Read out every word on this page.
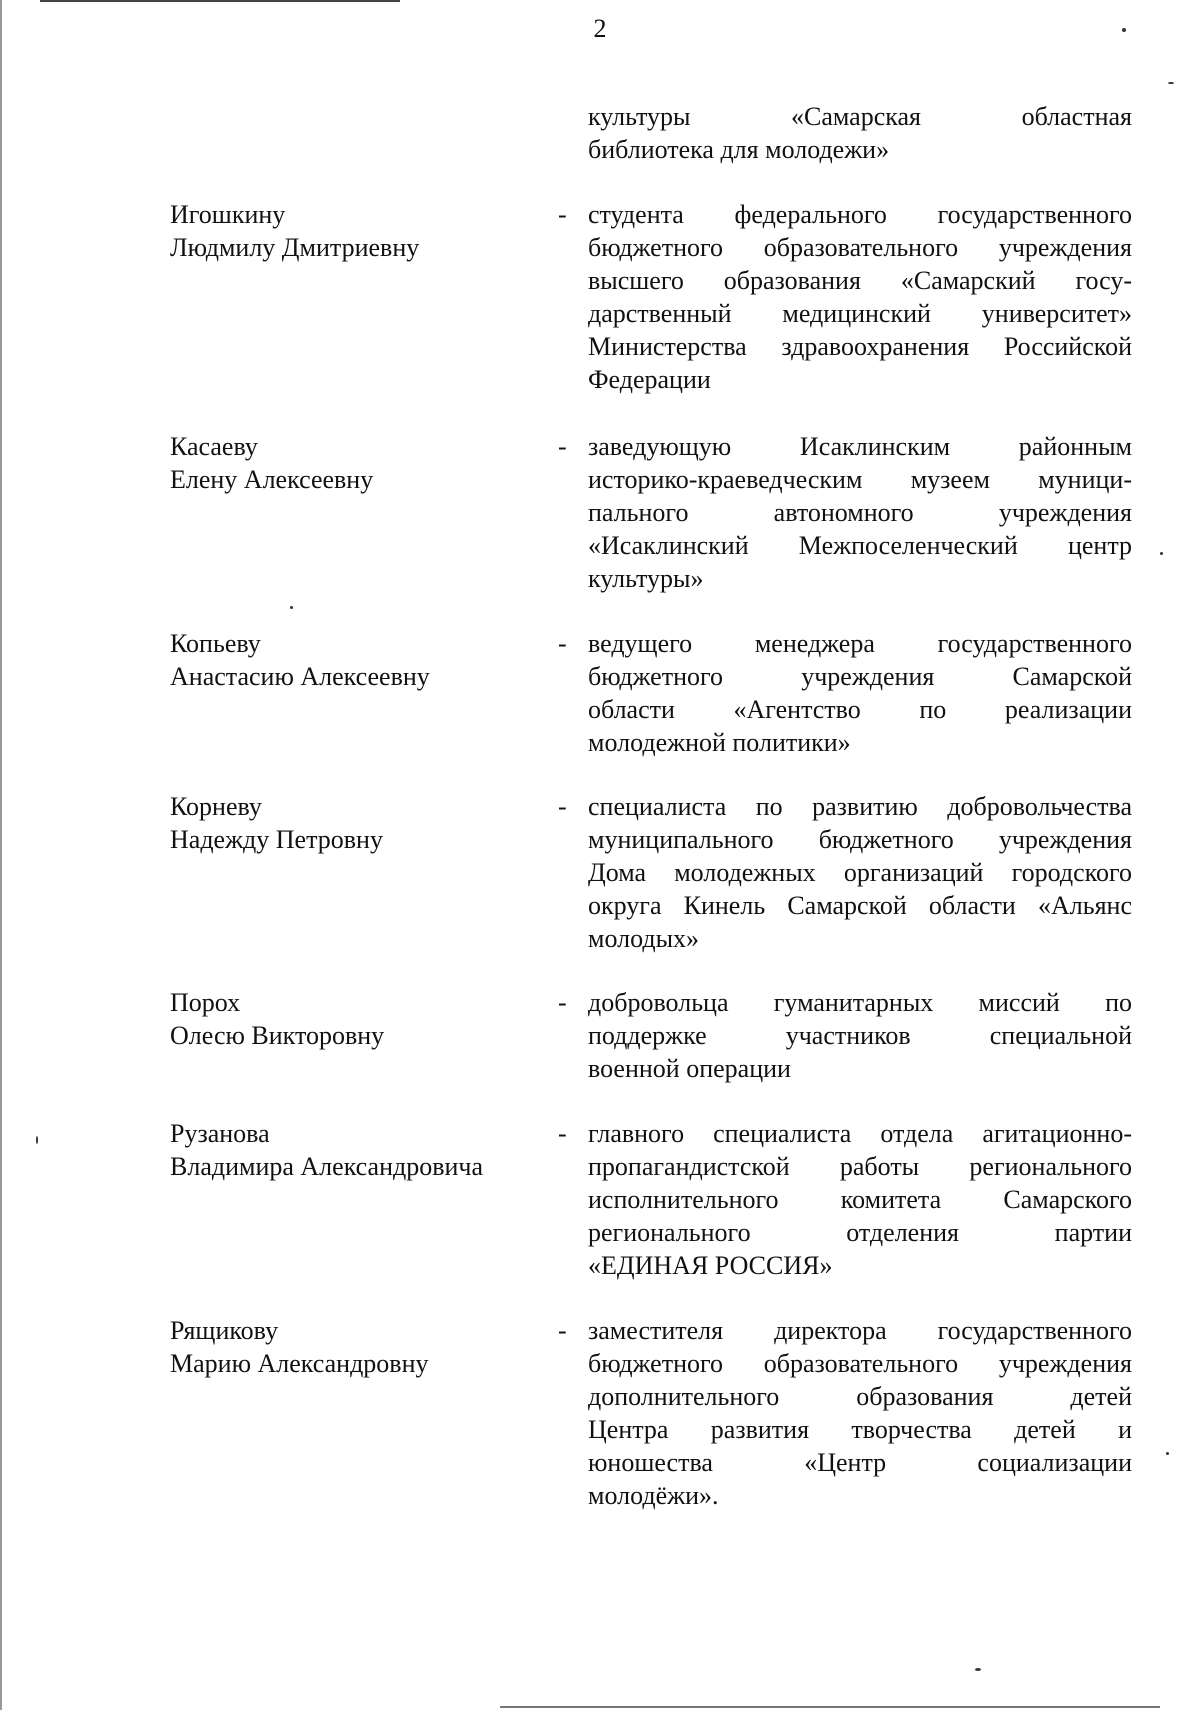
2
культуры «Самарская областная
библиотека для молодежи»
Игошкину
Людмилу Дмитриевну
- студента федерального государственного
бюджетного образовательного учреждения
высшего образования «Самарский госу-
дарственный медицинский университет»
Министерства здравоохранения Российской
Федерации
Касаеву
Елену Алексеевну
- заведующую Исаклинским районным
историко-краеведческим музеем муници-
пального автономного учреждения
«Исаклинский Межпоселенческий центр
культуры»
Копьеву
Анастасию Алексеевну
- ведущего менеджера государственного
бюджетного учреждения Самарской
области «Агентство по реализации
молодежной политики»
Корневу
Надежду Петровну
- специалиста по развитию добровольчества
муниципального бюджетного учреждения
Дома молодежных организаций городского
округа Кинель Самарской области «Альянс
молодых»
Порох
Олесю Викторовну
- добровольца гуманитарных миссий по
поддержке участников специальной
военной операции
Рузанова
Владимира Александровича
- главного специалиста отдела агитационно-
пропагандистской работы регионального
исполнительного комитета Самарского
регионального отделения партии
«ЕДИНАЯ РОССИЯ»
Рящикову
Марию Александровну
- заместителя директора государственного
бюджетного образовательного учреждения
дополнительного образования детей
Центра развития творчества детей и
юношества «Центр социализации
молодёжи».
